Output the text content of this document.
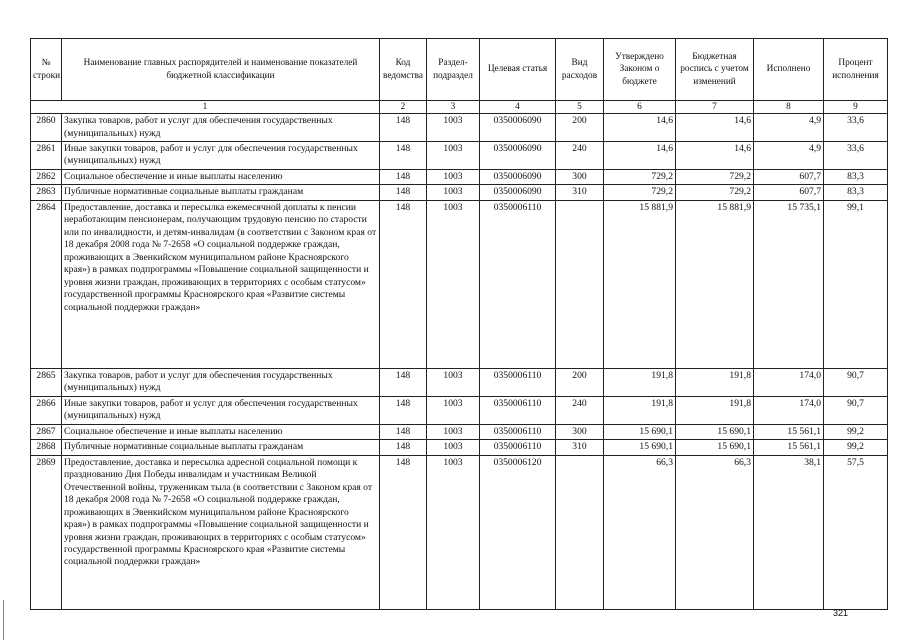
№ строки	Наименование главных распорядителей и наименование показателей бюджетной классификации	Код ведомства	Раздел-подраздел	Целевая статья	Вид расходов	Утверждено Законом о бюджете	Бюджетная роспись с учетом изменений	Исполнено	Процент исполнения
1		2	3	4	5	6	7	8	9
2860	Закупка товаров, работ и услуг для обеспечения государственных (муниципальных) нужд	148	1003	0350006090	200	14,6	14,6	4,9	33,6
2861	Иные закупки товаров, работ и услуг для обеспечения государственных (муниципальных) нужд	148	1003	0350006090	240	14,6	14,6	4,9	33,6
2862	Социальное обеспечение и иные выплаты населению	148	1003	0350006090	300	729,2	729,2	607,7	83,3
2863	Публичные нормативные социальные выплаты гражданам	148	1003	0350006090	310	729,2	729,2	607,7	83,3
2864	Предоставление, доставка и пересылка ежемесячной доплаты к пенсии неработающим пенсионерам, получающим трудовую пенсию по старости или по инвалидности, и детям-инвалидам (в соответствии с Законом края от 18 декабря 2008 года № 7-2658 «О социальной поддержке граждан, проживающих в Эвенкийском муниципальном районе Красноярского края») в рамках подпрограммы «Повышение социальной защищенности и уровня жизни граждан, проживающих в территориях с особым статусом» государственной программы Красноярского края «Развитие системы социальной поддержки граждан»	148	1003	0350006110		15 881,9	15 881,9	15 735,1	99,1
2865	Закупка товаров, работ и услуг для обеспечения государственных (муниципальных) нужд	148	1003	0350006110	200	191,8	191,8	174,0	90,7
2866	Иные закупки товаров, работ и услуг для обеспечения государственных (муниципальных) нужд	148	1003	0350006110	240	191,8	191,8	174,0	90,7
2867	Социальное обеспечение и иные выплаты населению	148	1003	0350006110	300	15 690,1	15 690,1	15 561,1	99,2
2868	Публичные нормативные социальные выплаты гражданам	148	1003	0350006110	310	15 690,1	15 690,1	15 561,1	99,2
2869	Предоставление, доставка и пересылка адресной социальной помощи к празднованию Дня Победы инвалидам и участникам Великой Отечественной войны, труженикам тыла (в соответствии с Законом края от 18 декабря 2008 года № 7-2658 «О социальной поддержке граждан, проживающих в Эвенкийском муниципальном районе Красноярского края») в рамках подпрограммы «Повышение социальной защищенности и уровня жизни граждан, проживающих в территориях с особым статусом» государственной программы Красноярского края «Развитие системы социальной поддержки граждан»	148	1003	0350006120		66,3	66,3	38,1	57,5
321
